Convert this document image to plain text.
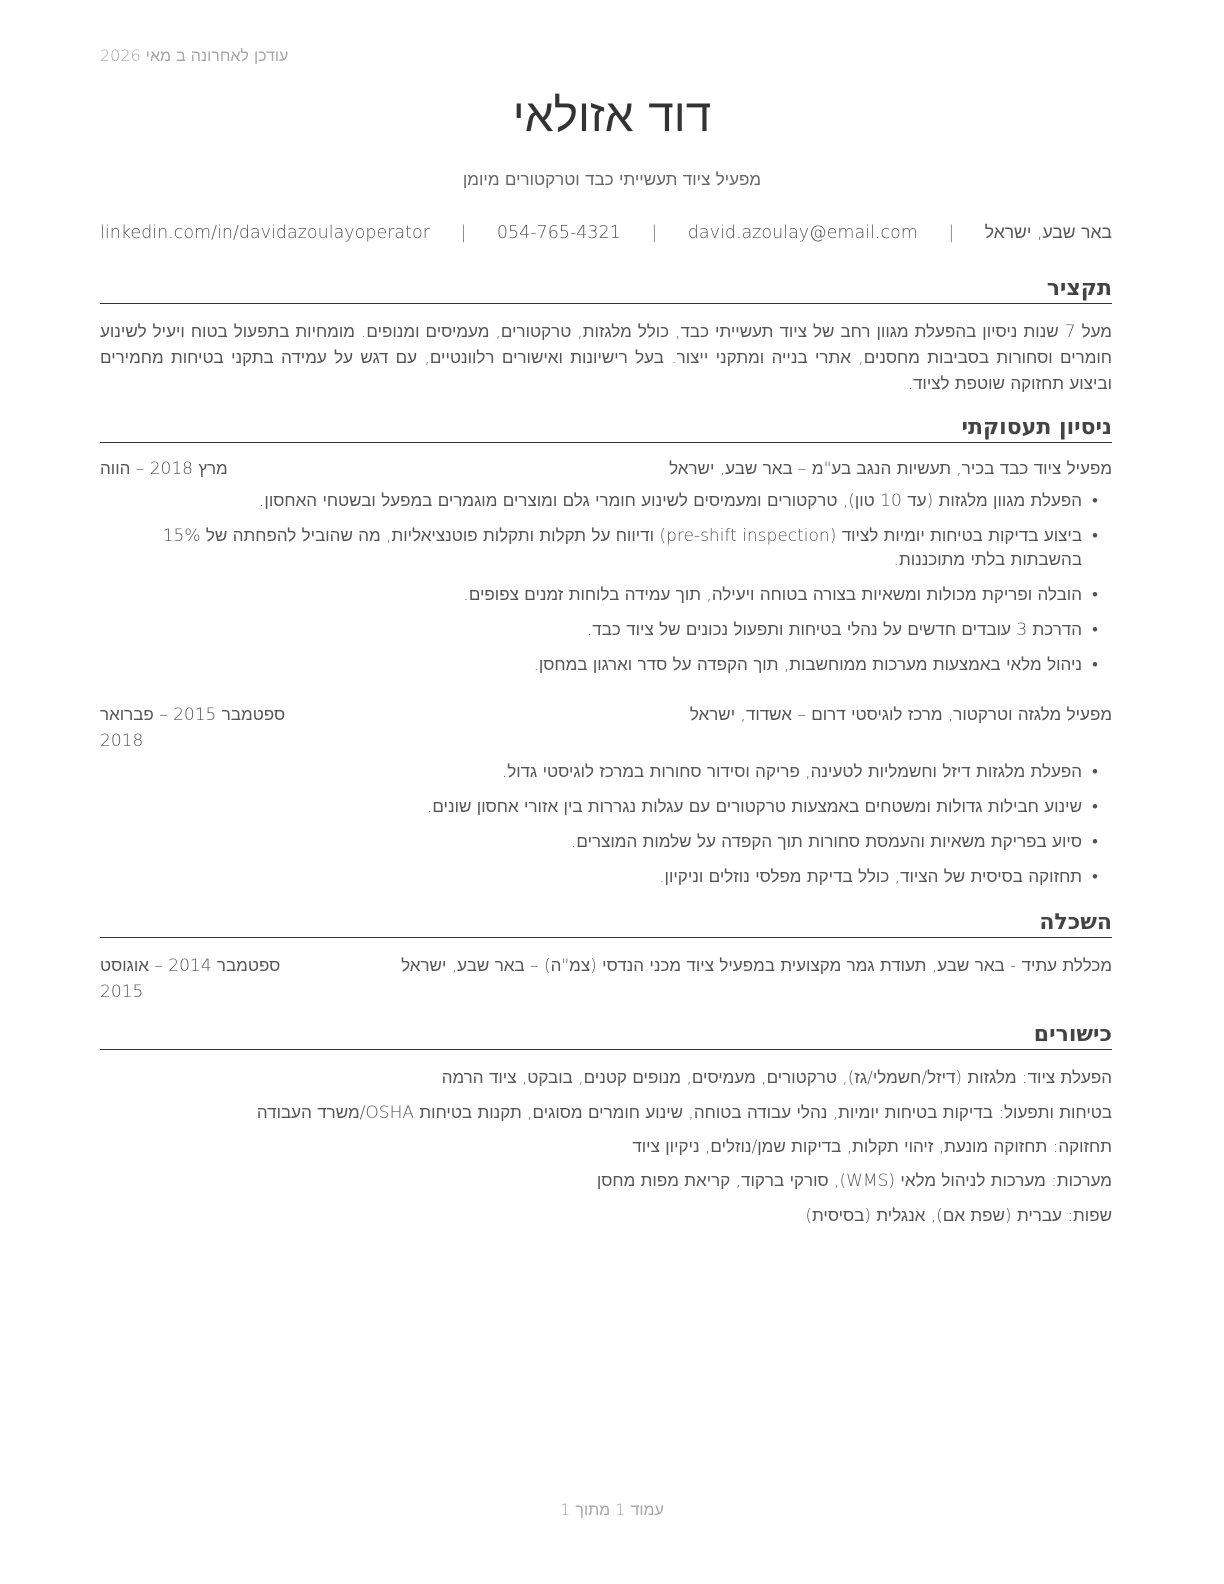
עודכן לאחרונה ב מאי 2026
דוד אזולאי
מפעיל ציוד תעשייתי כבד וטרקטורים מיומן
באר שבע, ישראל
|
david.azoulay@email.com
|
054-765-4321
|
linkedin.com/in/davidazoulayoperator
תקציר

מעל 7 שנות ניסיון בהפעלת מגוון רחב של ציוד תעשייתי כבד, כולל מלגזות, טרקטורים, מעמיסים ומנופים. מומחיות בתפעול בטוח ויעיל לשינוע חומרים וסחורות בסביבות מחסנים, אתרי בנייה ומתקני ייצור. בעל רישיונות ואישורים רלוונטיים, עם דגש על עמידה בתקני בטיחות מחמירים וביצוע תחזוקה שוטפת לציוד.

ניסיון תעסוקתי
מפעיל ציוד כבד בכיר, תעשיות הנגב בע"מ – באר שבע, ישראל
מרץ 2018 – הווה
• הפעלת מגוון מלגזות (עד 10 טון), טרקטורים ומעמיסים לשינוע חומרי גלם ומוצרים מוגמרים במפעל ובשטחי האחסון.
• ביצוע בדיקות בטיחות יומיות לציוד (pre-shift inspection) ודיווח על תקלות ותקלות פוטנציאליות, מה שהוביל להפחתה של 15% בהשבתות בלתי מתוכננות.
• הובלה ופריקת מכולות ומשאיות בצורה בטוחה ויעילה, תוך עמידה בלוחות זמנים צפופים.
• הדרכת 3 עובדים חדשים על נהלי בטיחות ותפעול נכונים של ציוד כבד.
• ניהול מלאי באמצעות מערכות ממוחשבות, תוך הקפדה על סדר וארגון במחסן.
מפעיל מלגזה וטרקטור, מרכז לוגיסטי דרום – אשדוד, ישראל
ספטמבר 2015 – פברואר
2018
• הפעלת מלגזות דיזל וחשמליות לטעינה, פריקה וסידור סחורות במרכז לוגיסטי גדול.
• שינוע חבילות גדולות ומשטחים באמצעות טרקטורים עם עגלות נגררות בין אזורי אחסון שונים.
• סיוע בפריקת משאיות והעמסת סחורות תוך הקפדה על שלמות המוצרים.
• תחזוקה בסיסית של הציוד, כולל בדיקת מפלסי נוזלים וניקיון.
השכלה
מכללת עתיד - באר שבע, תעודת גמר מקצועית במפעיל ציוד מכני הנדסי (צמ"ה) – באר שבע, ישראל
ספטמבר 2014 – אוגוסט
2015
כישורים
הפעלת ציוד: מלגזות (דיזל/חשמלי/גז), טרקטורים, מעמיסים, מנופים קטנים, בובקט, ציוד הרמה
בטיחות ותפעול: בדיקות בטיחות יומיות, נהלי עבודה בטוחה, שינוע חומרים מסוגים, תקנות בטיחות OSHA/משרד העבודה
תחזוקה: תחזוקה מונעת, זיהוי תקלות, בדיקות שמן/נוזלים, ניקיון ציוד
מערכות: מערכות לניהול מלאי (WMS), סורקי ברקוד, קריאת מפות מחסן
שפות: עברית (שפת אם), אנגלית (בסיסית)
עמוד 1 מתוך 1
